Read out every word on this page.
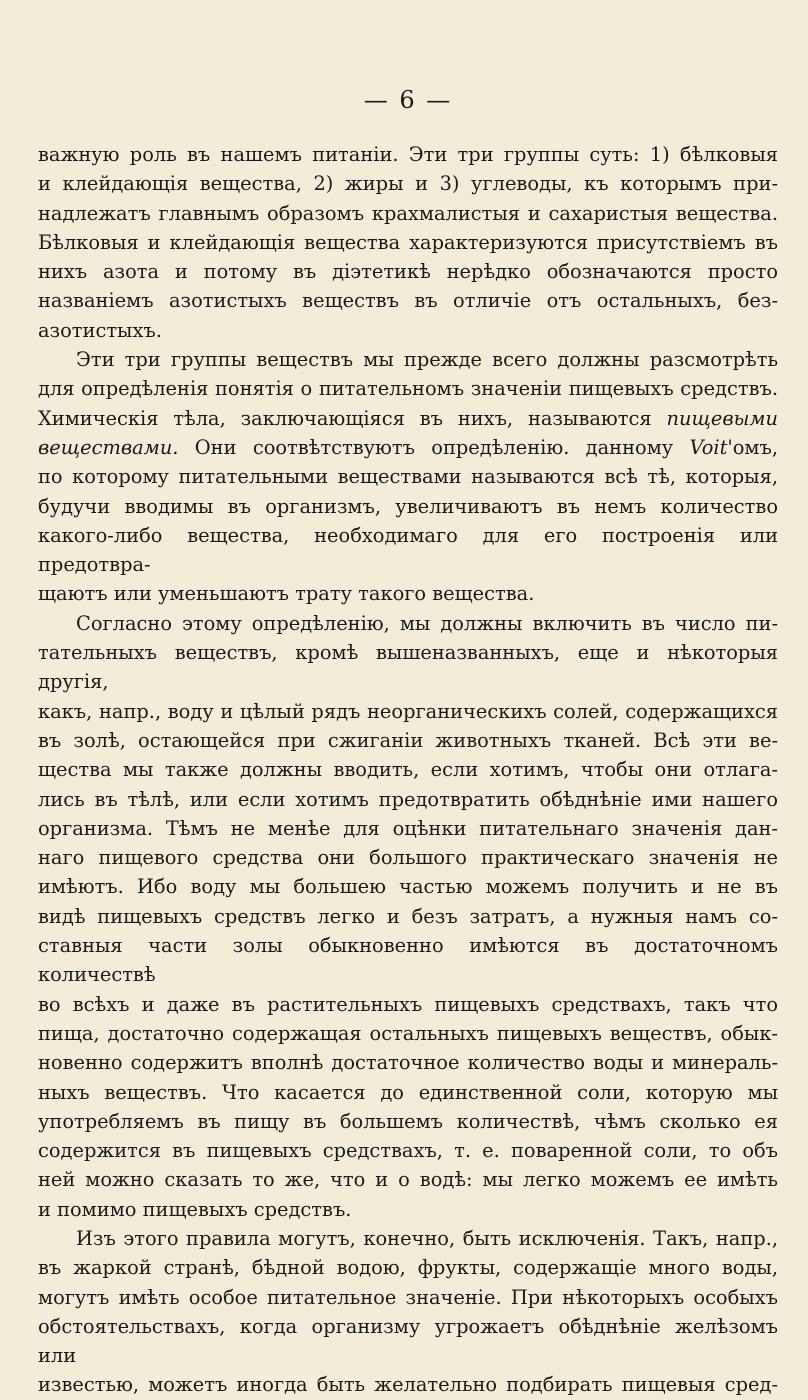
— 6 —

важную роль въ нашемъ питанiи. Эти три группы суть: 1) бѣлковыя
и клейдающiя вещества, 2) жиры и 3) углеводы, къ которымъ при-
надлежатъ главнымъ образомъ крахмалистыя и сахаристыя вещества.
Бѣлковыя и клейдающiя вещества характеризуются присутствiемъ въ
нихъ азота и потому въ дiэтетикѣ нерѣдко обозначаются просто
названiемъ азотистыхъ веществъ въ отличiе отъ остальныхъ, без-
азотистыхъ.

Эти три группы веществъ мы прежде всего должны разсмотрѣть
для опредѣленiя понятiя о питательномъ значенiи пищевыхъ средствъ.
Химическiя тѣла, заключающiяся въ нихъ, называются пищевыми
веществами. Они соотвѣтствуютъ опредѣленiю. данному Voit'омъ,
по которому питательными веществами называются всѣ тѣ, которыя,
будучи вводимы въ организмъ, увеличиваютъ въ немъ количество
какого-либо вещества, необходимаго для его построенiя или предотвра-
щаютъ или уменьшаютъ трату такого вещества.

Согласно этому опредѣленiю, мы должны включить въ число пи-
тательныхъ веществъ, кромѣ вышеназванныхъ, еще и нѣкоторыя другiя,
какъ, напр., воду и цѣлый рядъ неорганическихъ солей, содержащихся
въ золѣ, остающейся при сжиганiи животныхъ тканей. Всѣ эти ве-
щества мы также должны вводить, если хотимъ, чтобы они отлага-
лись въ тѣлѣ, или если хотимъ предотвратить обѣднѣнiе ими нашего
организма. Тѣмъ не менѣе для оцѣнки питательнаго значенiя дан-
наго пищевого средства они большого практическаго значенiя не
имѣютъ. Ибо воду мы большею частью можемъ получить и не въ
видѣ пищевыхъ средствъ легко и безъ затратъ, а нужныя намъ со-
ставныя части золы обыкновенно имѣются въ достаточномъ количествѣ
во всѣхъ и даже въ растительныхъ пищевыхъ средствахъ, такъ что
пища, достаточно содержащая остальныхъ пищевыхъ веществъ, обык-
новенно содержитъ вполнѣ достаточное количество воды и минераль-
ныхъ веществъ. Что касается до единственной соли, которую мы
употребляемъ въ пищу въ большемъ количествѣ, чѣмъ сколько ея
содержится въ пищевыхъ средствахъ, т. е. поваренной соли, то объ
ней можно сказать то же, что и о водѣ: мы легко можемъ ее имѣть
и помимо пищевыхъ средствъ.

Изъ этого правила могутъ, конечно, быть исключенiя. Такъ, напр.,
въ жаркой странѣ, бѣдной водою, фрукты, содержащiе много воды,
могутъ имѣть особое питательное значенiе. При нѣкоторыхъ особыхъ
обстоятельствахъ, когда организму угрожаетъ обѣднѣнiе желѣзомъ или
известью, можетъ иногда быть желательно подбирать пищевыя сред-
